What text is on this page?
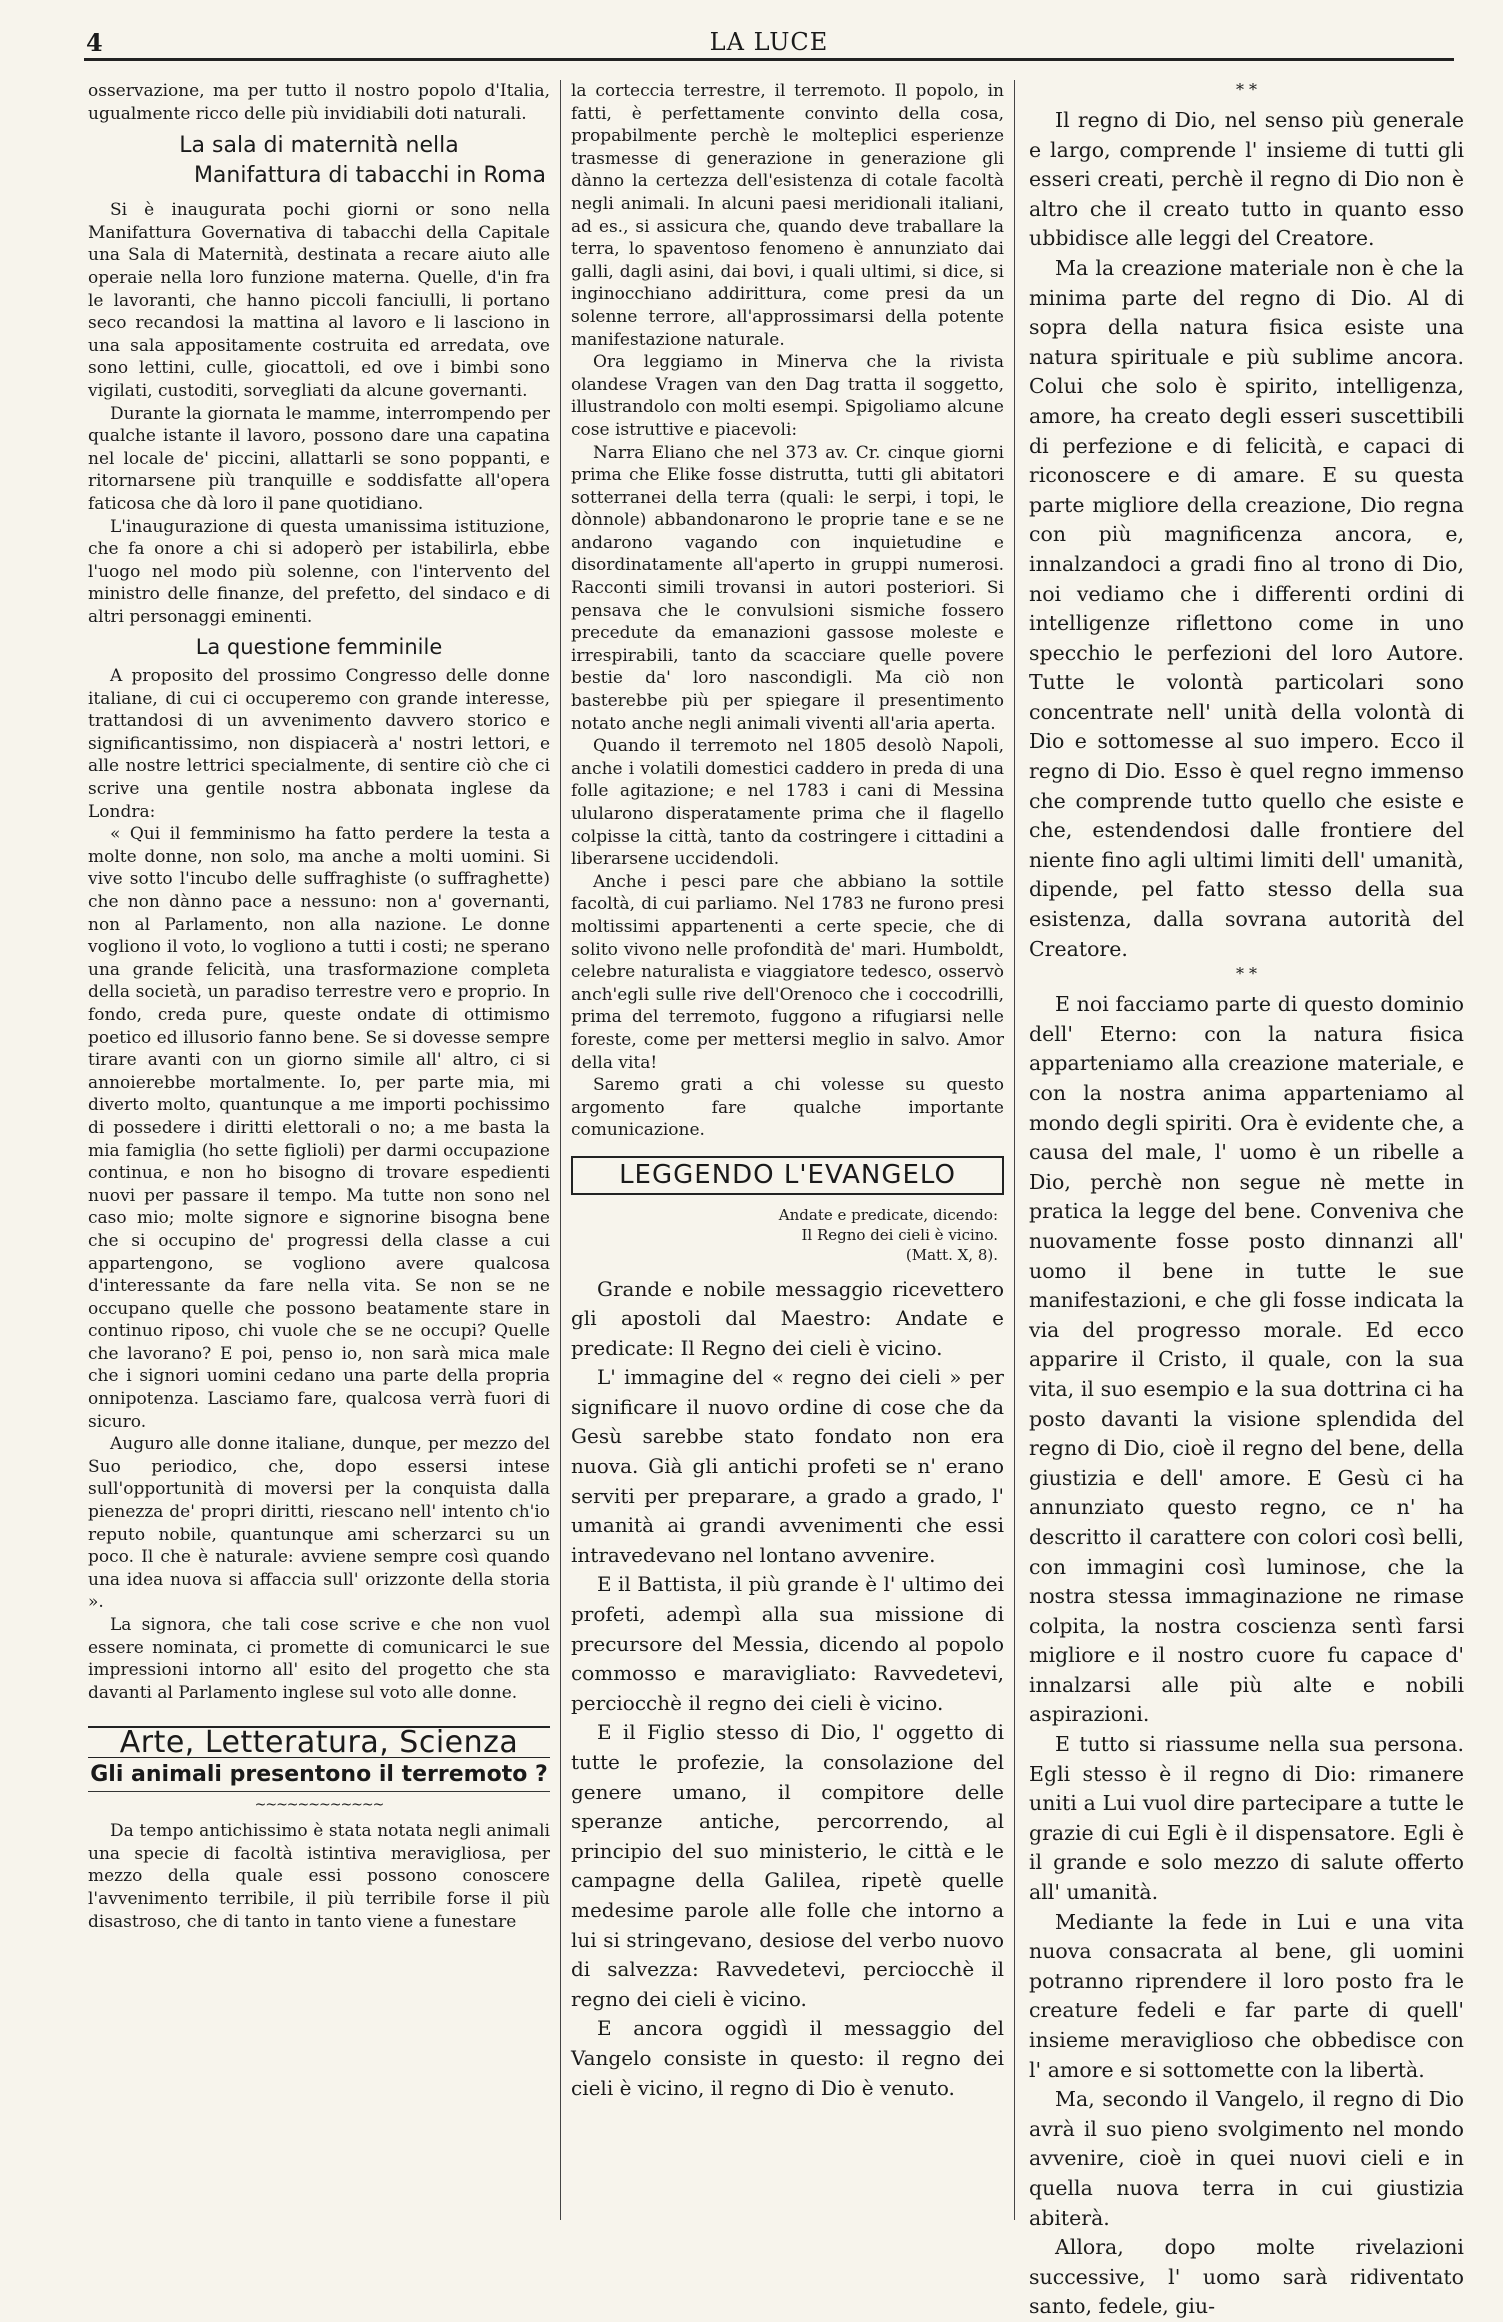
4	LA LUCE

osservazione, ma per tutto il nostro popolo d'Italia, ugualmente ricco delle più invidiabili doti naturali.

La sala di maternità nella
Manifattura di tabacchi in Roma

Si è inaugurata pochi giorni or sono nella Manifattura Governativa di tabacchi della Capitale una Sala di Maternità, destinata a recare aiuto alle operaie nella loro funzione materna. Quelle, d'in fra le lavoranti, che hanno piccoli fanciulli, li portano seco recandosi la mattina al lavoro e li lasciono in una sala appositamente costruita ed arredata, ove sono lettini, culle, giocattoli, ed ove i bimbi sono vigilati, custoditi, sorvegliati da alcune governanti.

Durante la giornata le mamme, interrompendo per qualche istante il lavoro, possono dare una capatina nel locale de' piccini, allattarli se sono poppanti, e ritornarsene più tranquille e soddisfatte all'opera faticosa che dà loro il pane quotidiano.

L'inaugurazione di questa umanissima istituzione, che fa onore a chi si adoperò per istabilirla, ebbe l'uogo nel modo più solenne, con l'intervento del ministro delle finanze, del prefetto, del sindaco e di altri personaggi eminenti.

La questione femminile

A proposito del prossimo Congresso delle donne italiane, di cui ci occuperemo con grande interesse, trattandosi di un avvenimento davvero storico e significantissimo, non dispiacerà a' nostri lettori, e alle nostre lettrici specialmente, di sentire ciò che ci scrive una gentile nostra abbonata inglese da Londra:

« Qui il femminismo ha fatto perdere la testa a molte donne, non solo, ma anche a molti uomini. Si vive sotto l'incubo delle suffraghiste (o suffraghette) che non dànno pace a nessuno: non a' governanti, non al Parlamento, non alla nazione. Le donne vogliono il voto, lo vogliono a tutti i costi; ne sperano una grande felicità, una trasformazione completa della società, un paradiso terrestre vero e proprio. In fondo, creda pure, queste ondate di ottimismo poetico ed illusorio fanno bene. Se si dovesse sempre tirare avanti con un giorno simile all' altro, ci si annoierebbe mortalmente. Io, per parte mia, mi diverto molto, quantunque a me importi pochissimo di possedere i diritti elettorali o no; a me basta la mia famiglia (ho sette figlioli) per darmi occupazione continua, e non ho bisogno di trovare espedienti nuovi per passare il tempo. Ma tutte non sono nel caso mio; molte signore e signorine bisogna bene che si occupino de' progressi della classe a cui appartengono, se vogliono avere qualcosa d'interessante da fare nella vita. Se non se ne occupano quelle che possono beatamente stare in continuo riposo, chi vuole che se ne occupi? Quelle che lavorano? E poi, penso io, non sarà mica male che i signori uomini cedano una parte della propria onnipotenza. Lasciamo fare, qualcosa verrà fuori di sicuro.

Auguro alle donne italiane, dunque, per mezzo del Suo periodico, che, dopo essersi intese sull'opportunità di moversi per la conquista dalla pienezza de' propri diritti, riescano nell' intento ch'io reputo nobile, quantunque ami scherzarci su un poco. Il che è naturale: avviene sempre così quando una idea nuova si affaccia sull' orizzonte della storia ».

La signora, che tali cose scrive e che non vuol essere nominata, ci promette di comunicarci le sue impressioni intorno all' esito del progetto che sta davanti al Parlamento inglese sul voto alle donne.

Arte, Letteratura, Scienza
Gli animali presentono il terremoto ?
~~~~~~~~~~~~

Da tempo antichissimo è stata notata negli animali una specie di facoltà istintiva meravigliosa, per mezzo della quale essi possono conoscere l'avvenimento terribile, il più terribile forse il più disastroso, che di tanto in tanto viene a funestare

la corteccia terrestre, il terremoto. Il popolo, in fatti, è perfettamente convinto della cosa, propabilmente perchè le molteplici esperienze trasmesse di generazione in generazione gli dànno la certezza dell'esistenza di cotale facoltà negli animali. In alcuni paesi meridionali italiani, ad es., si assicura che, quando deve traballare la terra, lo spaventoso fenomeno è annunziato dai galli, dagli asini, dai bovi, i quali ultimi, si dice, si inginocchiano addirittura, come presi da un solenne terrore, all'approssimarsi della potente manifestazione naturale.

Ora leggiamo in Minerva che la rivista olandese Vragen van den Dag tratta il soggetto, illustrandolo con molti esempi. Spigoliamo alcune cose istruttive e piacevoli:

Narra Eliano che nel 373 av. Cr. cinque giorni prima che Elike fosse distrutta, tutti gli abitatori sotterranei della terra (quali: le serpi, i topi, le dònnole) abbandonarono le proprie tane e se ne andarono vagando con inquietudine e disordinatamente all'aperto in gruppi numerosi. Racconti simili trovansi in autori posteriori. Si pensava che le convulsioni sismiche fossero precedute da emanazioni gassose moleste e irrespirabili, tanto da scacciare quelle povere bestie da' loro nascondigli. Ma ciò non basterebbe più per spiegare il presentimento notato anche negli animali viventi all'aria aperta.

Quando il terremoto nel 1805 desolò Napoli, anche i volatili domestici caddero in preda di una folle agitazione; e nel 1783 i cani di Messina ulularono disperatamente prima che il flagello colpisse la città, tanto da costringere i cittadini a liberarsene uccidendoli.

Anche i pesci pare che abbiano la sottile facoltà, di cui parliamo. Nel 1783 ne furono presi moltissimi appartenenti a certe specie, che di solito vivono nelle profondità de' mari. Humboldt, celebre naturalista e viaggiatore tedesco, osservò anch'egli sulle rive dell'Orenoco che i coccodrilli, prima del terremoto, fuggono a rifugiarsi nelle foreste, come per mettersi meglio in salvo. Amor della vita!

Saremo grati a chi volesse su questo argomento fare qualche importante comunicazione.

LEGGENDO L'EVANGELO
Andate e predicate, dicendo:
Il Regno dei cieli è vicino.
(Matt. X, 8).

Grande e nobile messaggio ricevettero gli apostoli dal Maestro: Andate e predicate: Il Regno dei cieli è vicino.

L' immagine del « regno dei cieli » per significare il nuovo ordine di cose che da Gesù sarebbe stato fondato non era nuova. Già gli antichi profeti se n' erano serviti per preparare, a grado a grado, l' umanità ai grandi avvenimenti che essi intravedevano nel lontano avvenire.

E il Battista, il più grande è l' ultimo dei profeti, adempì alla sua missione di precursore del Messia, dicendo al popolo commosso e maravigliato: Ravvedetevi, perciocchè il regno dei cieli è vicino.

E il Figlio stesso di Dio, l' oggetto di tutte le profezie, la consolazione del genere umano, il compitore delle speranze antiche, percorrendo, al principio del suo ministerio, le città e le campagne della Galilea, ripetè quelle medesime parole alle folle che intorno a lui si stringevano, desiose del verbo nuovo di salvezza: Ravvedetevi, perciocchè il regno dei cieli è vicino.

E ancora oggidì il messaggio del Vangelo consiste in questo: il regno dei cieli è vicino, il regno di Dio è venuto.

* *

Il regno di Dio, nel senso più generale e largo, comprende l' insieme di tutti gli esseri creati, perchè il regno di Dio non è altro che il creato tutto in quanto esso ubbidisce alle leggi del Creatore.

Ma la creazione materiale non è che la minima parte del regno di Dio. Al di sopra della natura fisica esiste una natura spirituale e più sublime ancora. Colui che solo è spirito, intelligenza, amore, ha creato degli esseri suscettibili di perfezione e di felicità, e capaci di riconoscere e di amare. E su questa parte migliore della creazione, Dio regna con più magnificenza ancora, e, innalzandoci a gradi fino al trono di Dio, noi vediamo che i differenti ordini di intelligenze riflettono come in uno specchio le perfezioni del loro Autore. Tutte le volontà particolari sono concentrate nell' unità della volontà di Dio e sottomesse al suo impero. Ecco il regno di Dio. Esso è quel regno immenso che comprende tutto quello che esiste e che, estendendosi dalle frontiere del niente fino agli ultimi limiti dell' umanità, dipende, pel fatto stesso della sua esistenza, dalla sovrana autorità del Creatore.

* *

E noi facciamo parte di questo dominio dell' Eterno: con la natura fisica apparteniamo alla creazione materiale, e con la nostra anima apparteniamo al mondo degli spiriti. Ora è evidente che, a causa del male, l' uomo è un ribelle a Dio, perchè non segue nè mette in pratica la legge del bene. Conveniva che nuovamente fosse posto dinnanzi all' uomo il bene in tutte le sue manifestazioni, e che gli fosse indicata la via del progresso morale. Ed ecco apparire il Cristo, il quale, con la sua vita, il suo esempio e la sua dottrina ci ha posto davanti la visione splendida del regno di Dio, cioè il regno del bene, della giustizia e dell' amore. E Gesù ci ha annunziato questo regno, ce n' ha descritto il carattere con colori così belli, con immagini così luminose, che la nostra stessa immaginazione ne rimase colpita, la nostra coscienza sentì farsi migliore e il nostro cuore fu capace d' innalzarsi alle più alte e nobili aspirazioni.

E tutto si riassume nella sua persona. Egli stesso è il regno di Dio: rimanere uniti a Lui vuol dire partecipare a tutte le grazie di cui Egli è il dispensatore. Egli è il grande e solo mezzo di salute offerto all' umanità.

Mediante la fede in Lui e una vita nuova consacrata al bene, gli uomini potranno riprendere il loro posto fra le creature fedeli e far parte di quell' insieme meraviglioso che obbedisce con l' amore e si sottomette con la libertà.

Ma, secondo il Vangelo, il regno di Dio avrà il suo pieno svolgimento nel mondo avvenire, cioè in quei nuovi cieli e in quella nuova terra in cui giustizia abiterà.

Allora, dopo molte rivelazioni successive, l' uomo sarà ridiventato santo, fedele, giu-
